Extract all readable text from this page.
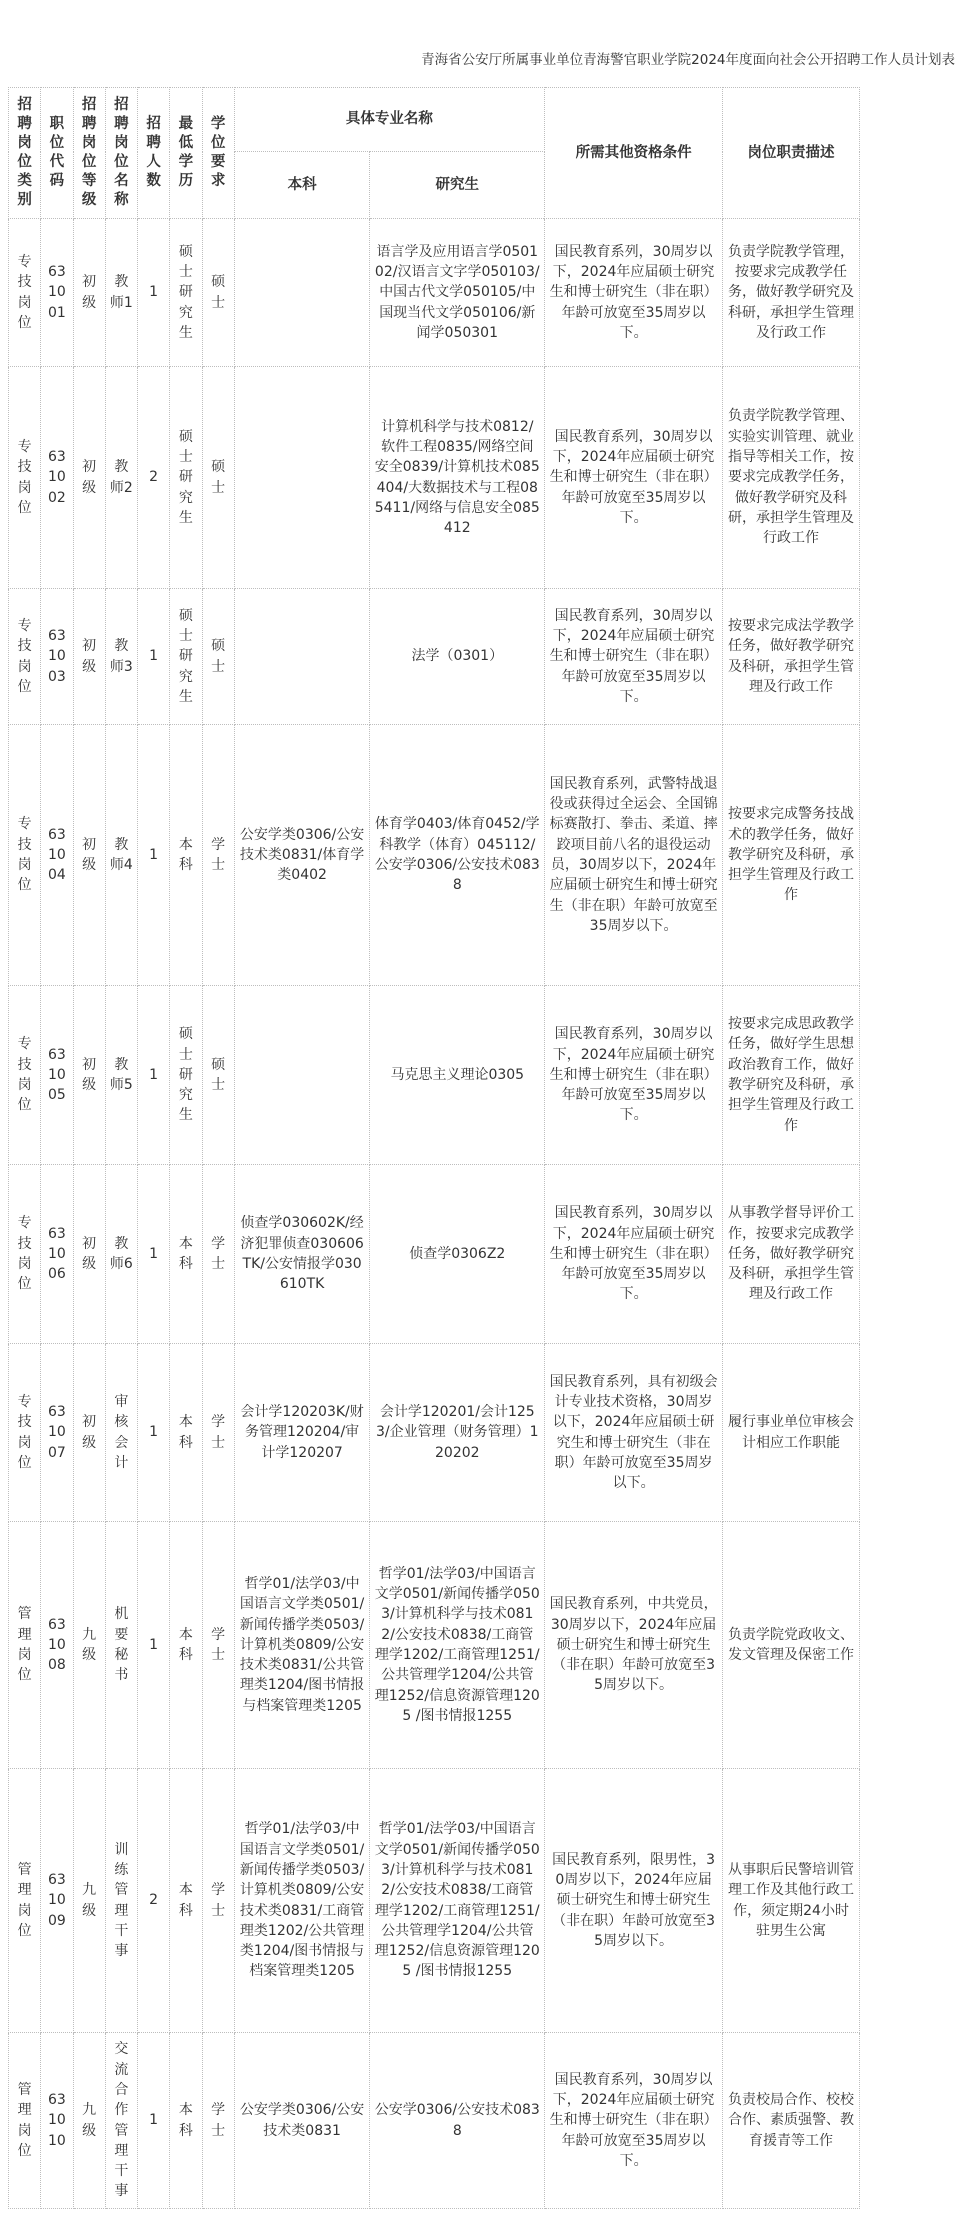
青海省公安厅所属事业单位青海警官职业学院2024年度面向社会公开招聘工作人员计划表
招聘岗位类别	职位代码	招聘岗位等级	招聘岗位名称	招聘人数	最低学历	学位要求	具体专业名称		所需其他资格条件	岗位职责描述
							本科	研究生		
专技岗位	631001	初级	教师1	1	硕士研究生	硕士		语言学及应用语言学050102/汉语言文字学050103/中国古代文学050105/中国现当代文学050106/新闻学050301	国民教育系列，30周岁以下，2024年应届硕士研究生和博士研究生（非在职）年龄可放宽至35周岁以下。	负责学院教学管理，按要求完成教学任务，做好教学研究及科研，承担学生管理及行政工作
专技岗位	631002	初级	教师2	2	硕士研究生	硕士		计算机科学与技术0812/软件工程0835/网络空间安全0839/计算机技术085404/大数据技术与工程085411/网络与信息安全085412	国民教育系列，30周岁以下，2024年应届硕士研究生和博士研究生（非在职）年龄可放宽至35周岁以下。	负责学院教学管理、实验实训管理、就业指导等相关工作，按要求完成教学任务，做好教学研究及科研，承担学生管理及行政工作
专技岗位	631003	初级	教师3	1	硕士研究生	硕士		法学（0301）	国民教育系列，30周岁以下，2024年应届硕士研究生和博士研究生（非在职）年龄可放宽至35周岁以下。	按要求完成法学教学任务，做好教学研究及科研，承担学生管理及行政工作
专技岗位	631004	初级	教师4	1	本科	学士	公安学类0306/公安技术类0831/体育学类0402	体育学0403/体育0452/学科教学（体育）045112/公安学0306/公安技术0838	国民教育系列，武警特战退役或获得过全运会、全国锦标赛散打、拳击、柔道、摔跤项目前八名的退役运动员，30周岁以下，2024年应届硕士研究生和博士研究生（非在职）年龄可放宽至35周岁以下。	按要求完成警务技战术的教学任务，做好教学研究及科研，承担学生管理及行政工作
专技岗位	631005	初级	教师5	1	硕士研究生	硕士		马克思主义理论0305	国民教育系列，30周岁以下，2024年应届硕士研究生和博士研究生（非在职）年龄可放宽至35周岁以下。	按要求完成思政教学任务，做好学生思想政治教育工作，做好教学研究及科研，承担学生管理及行政工作
专技岗位	631006	初级	教师6	1	本科	学士	侦查学030602K/经济犯罪侦查030606TK/公安情报学030610TK	侦查学0306Z2	国民教育系列，30周岁以下，2024年应届硕士研究生和博士研究生（非在职）年龄可放宽至35周岁以下。	从事教学督导评价工作，按要求完成教学任务，做好教学研究及科研，承担学生管理及行政工作
专技岗位	631007	初级	审核会计	1	本科	学士	会计学120203K/财务管理120204/审计学120207	会计学120201/会计1253/企业管理（财务管理）120202	国民教育系列，具有初级会计专业技术资格，30周岁以下，2024年应届硕士研究生和博士研究生（非在职）年龄可放宽至35周岁以下。	履行事业单位审核会计相应工作职能
管理岗位	631008	九级	机要秘书	1	本科	学士	哲学01/法学03/中国语言文学类0501/新闻传播学类0503/计算机类0809/公安技术类0831/公共管理类1204/图书情报与档案管理类1205	哲学01/法学03/中国语言文学0501/新闻传播学0503/计算机科学与技术0812/公安技术0838/工商管理学1202/工商管理1251/公共管理学1204/公共管理1252/信息资源管理1205 /图书情报1255	国民教育系列，中共党员，30周岁以下，2024年应届硕士研究生和博士研究生（非在职）年龄可放宽至35周岁以下。	负责学院党政收文、发文管理及保密工作
管理岗位	631009	九级	训练管理干事	2	本科	学士	哲学01/法学03/中国语言文学类0501/新闻传播学类0503/计算机类0809/公安技术类0831/工商管理类1202/公共管理类1204/图书情报与档案管理类1205	哲学01/法学03/中国语言文学0501/新闻传播学0503/计算机科学与技术0812/公安技术0838/工商管理学1202/工商管理1251/公共管理学1204/公共管理1252/信息资源管理1205 /图书情报1255	国民教育系列，限男性，30周岁以下，2024年应届硕士研究生和博士研究生（非在职）年龄可放宽至35周岁以下。	从事职后民警培训管理工作及其他行政工作，须定期24小时驻男生公寓
管理岗位	631010	九级	交流合作管理干事	1	本科	学士	公安学类0306/公安技术类0831	公安学0306/公安技术0838	国民教育系列，30周岁以下，2024年应届硕士研究生和博士研究生（非在职）年龄可放宽至35周岁以下。	负责校局合作、校校合作、素质强警、教育援青等工作
